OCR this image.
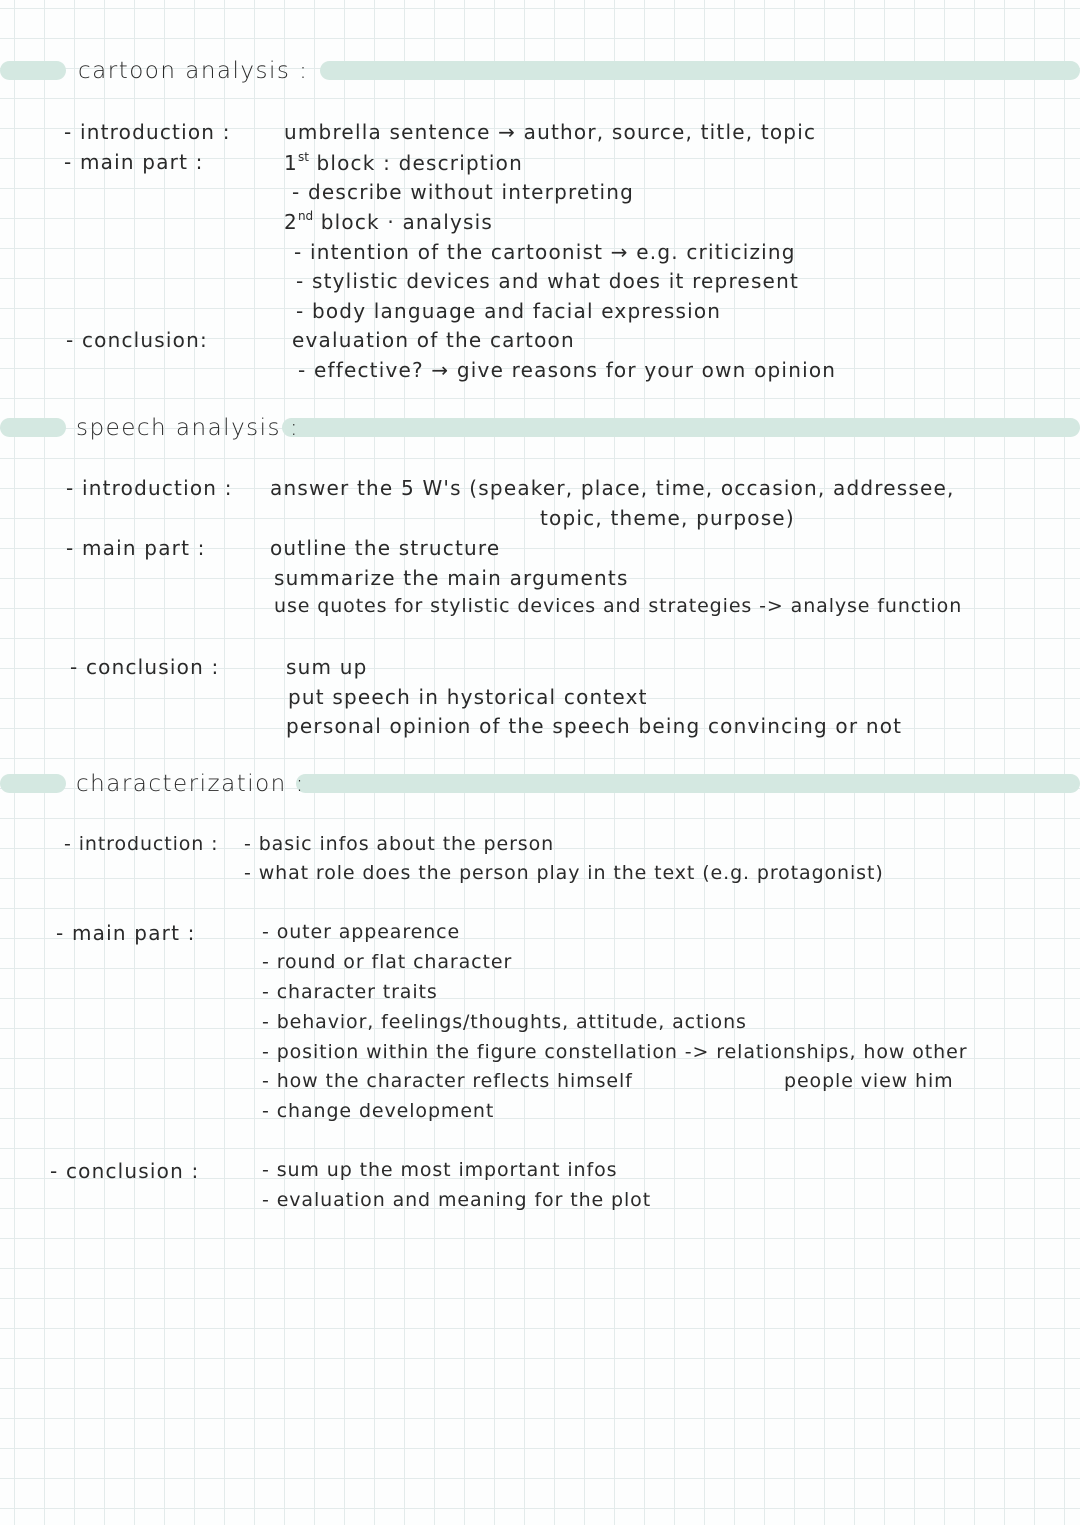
cartoon analysis :
- introduction :	umbrella sentence → author, source, title, topic
- main part :	1st block : description
- describe without interpreting
2nd block · analysis
- intention of the cartoonist → e.g. criticizing
- stylistic devices and what does it represent
- body language and facial expression
- conclusion:	evaluation of the cartoon
- effective? → give reasons for your own opinion
speech analysis :
- introduction : answer the 5 W's (speaker, place, time, occasion, addressee,
topic, theme, purpose)
- main part :	outline the structure
summarize the main arguments
use quotes for stylistic devices and strategies -> analyse function
- conclusion :	sum up
put speech in hystorical context
personal opinion of the speech being convincing or not
characterization :
- introduction : - basic infos about the person
- what role does the person play in the text (e.g. protagonist)
- main part :	- outer appearence
- round or flat character
- character traits
- behavior, feelings/thoughts, attitude, actions
- position within the figure constellation -> relationships, how other
- how the character reflects himself	people view him
- change development
- conclusion :	- sum up the most important infos
- evaluation and meaning for the plot
